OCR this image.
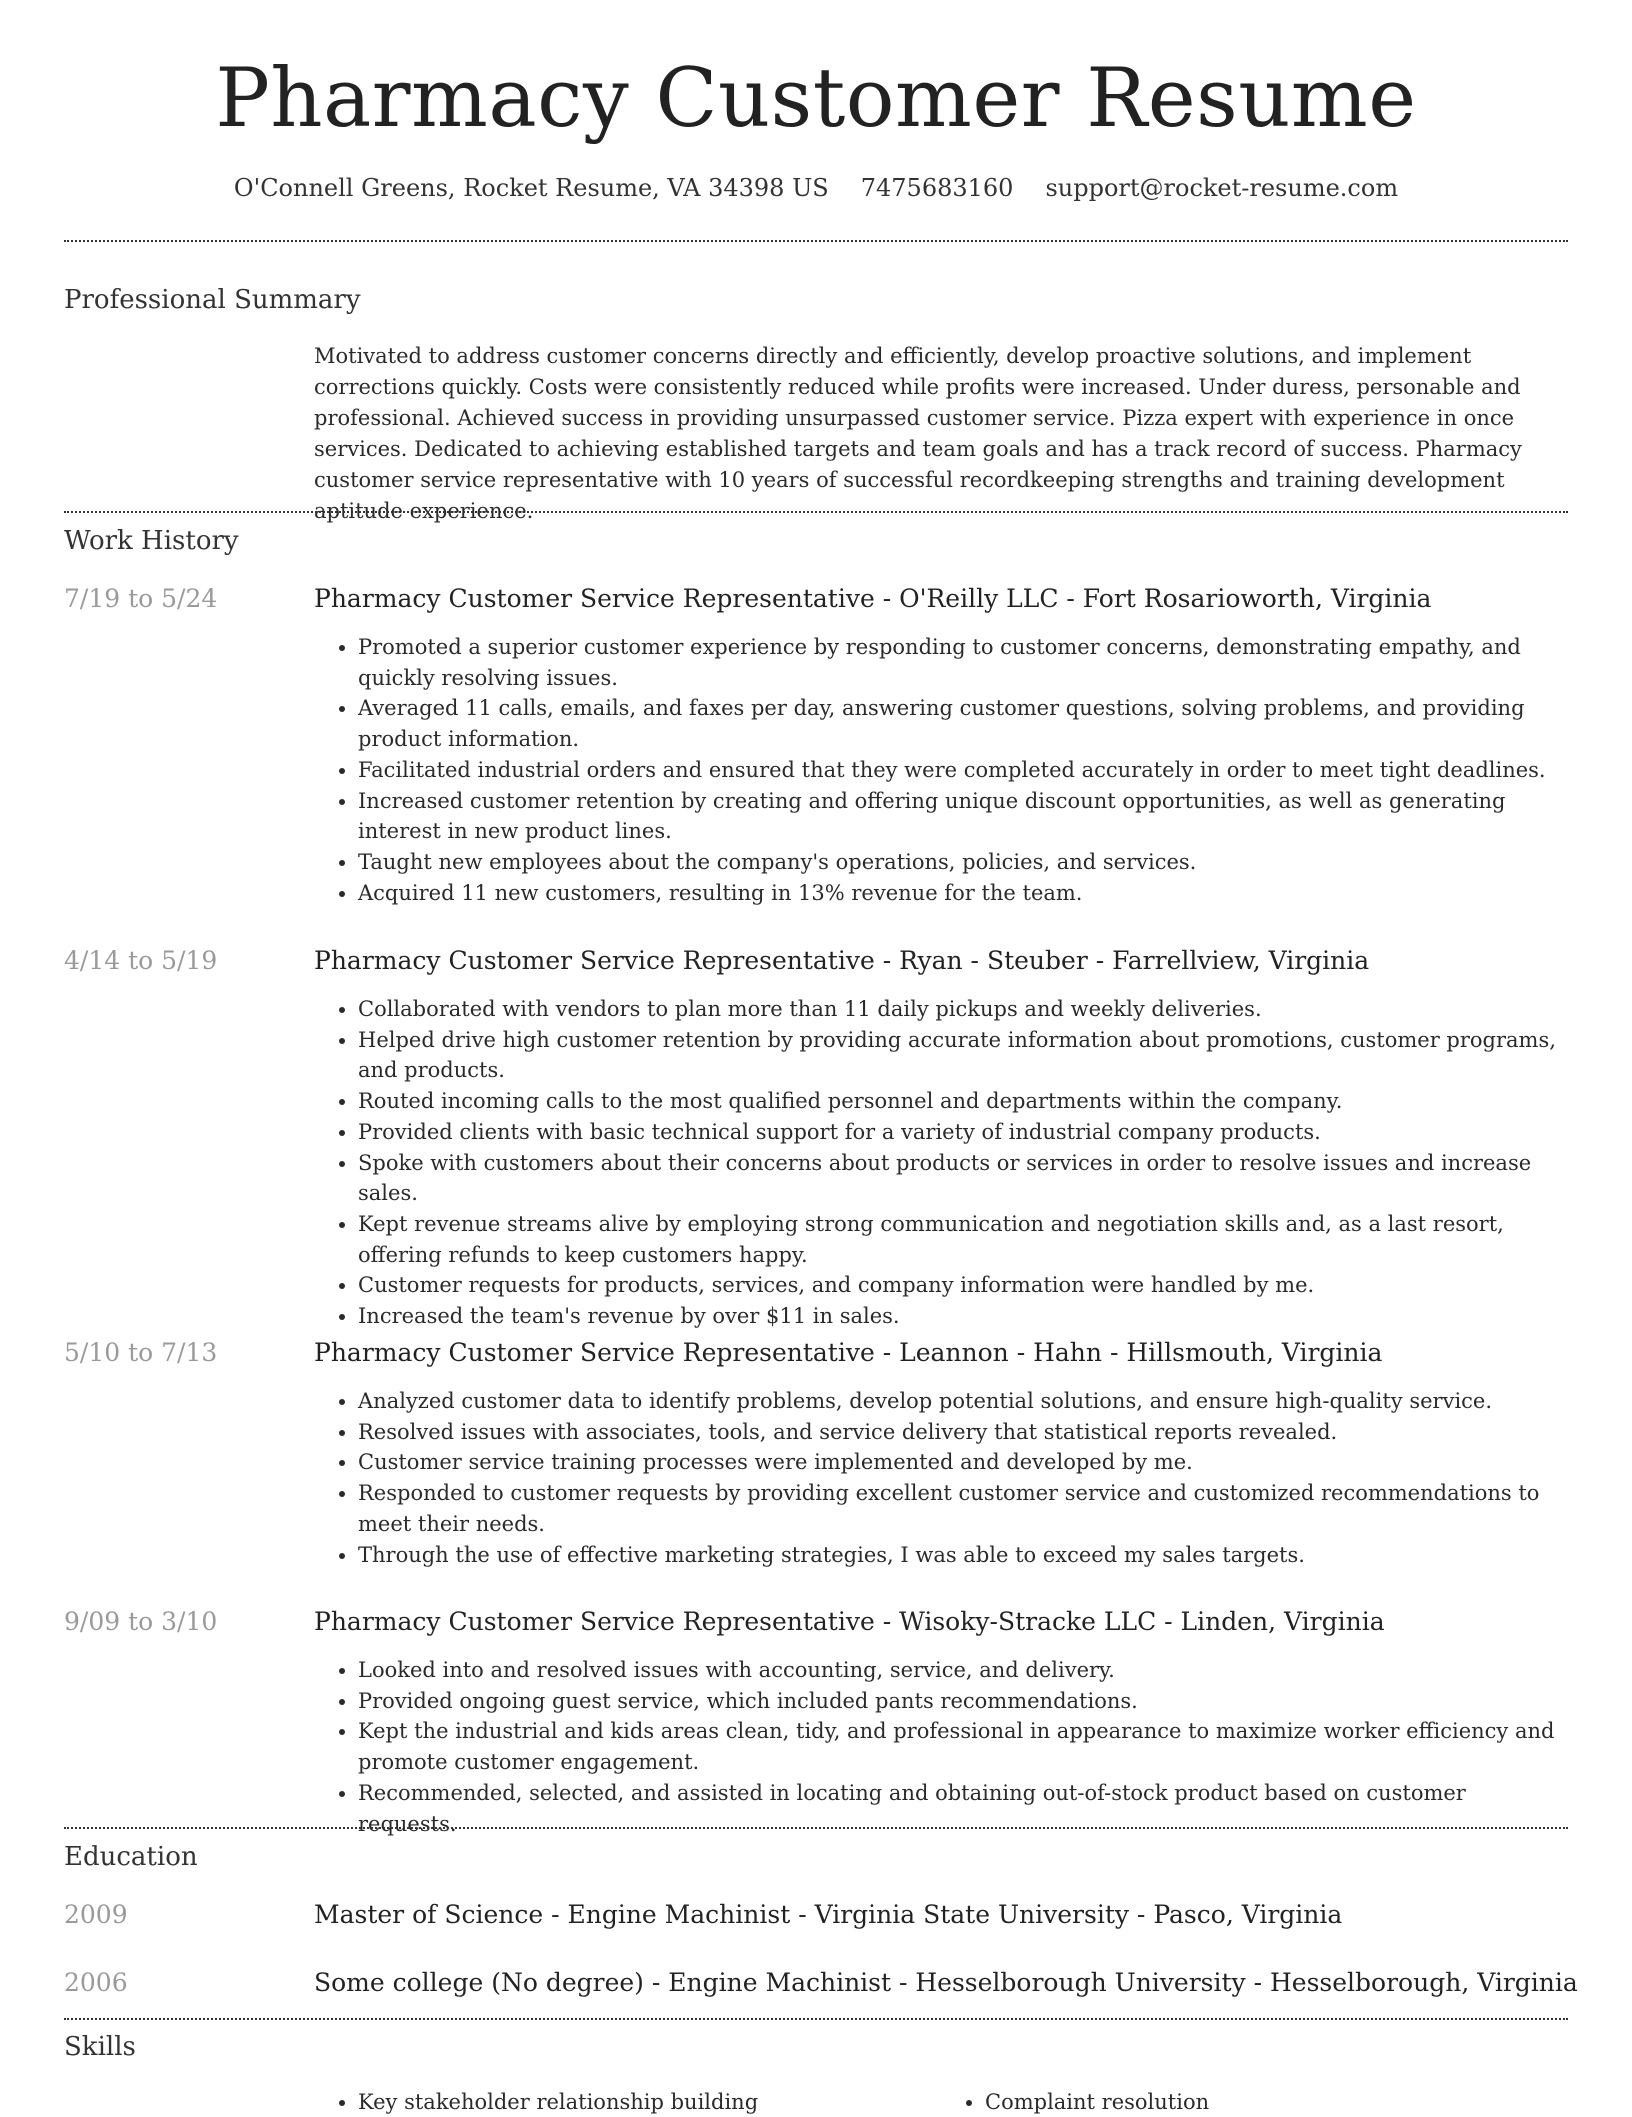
Pharmacy Customer Resume
O'Connell Greens, Rocket Resume, VA 34398 US 7475683160 support@rocket-resume.com
Professional Summary
Motivated to address customer concerns directly and efficiently, develop proactive solutions, and implement corrections quickly. Costs were consistently reduced while profits were increased. Under duress, personable and professional. Achieved success in providing unsurpassed customer service. Pizza expert with experience in once services. Dedicated to achieving established targets and team goals and has a track record of success. Pharmacy customer service representative with 10 years of successful recordkeeping strengths and training development aptitude experience.
Work History
7/19 to 5/24	Pharmacy Customer Service Representative - O'Reilly LLC - Fort Rosarioworth, Virginia
• Promoted a superior customer experience by responding to customer concerns, demonstrating empathy, and quickly resolving issues.
• Averaged 11 calls, emails, and faxes per day, answering customer questions, solving problems, and providing product information.
• Facilitated industrial orders and ensured that they were completed accurately in order to meet tight deadlines.
• Increased customer retention by creating and offering unique discount opportunities, as well as generating interest in new product lines.
• Taught new employees about the company's operations, policies, and services.
• Acquired 11 new customers, resulting in 13% revenue for the team.
4/14 to 5/19	Pharmacy Customer Service Representative - Ryan - Steuber - Farrellview, Virginia
• Collaborated with vendors to plan more than 11 daily pickups and weekly deliveries.
• Helped drive high customer retention by providing accurate information about promotions, customer programs, and products.
• Routed incoming calls to the most qualified personnel and departments within the company.
• Provided clients with basic technical support for a variety of industrial company products.
• Spoke with customers about their concerns about products or services in order to resolve issues and increase sales.
• Kept revenue streams alive by employing strong communication and negotiation skills and, as a last resort, offering refunds to keep customers happy.
• Customer requests for products, services, and company information were handled by me.
• Increased the team's revenue by over $11 in sales.
5/10 to 7/13	Pharmacy Customer Service Representative - Leannon - Hahn - Hillsmouth, Virginia
• Analyzed customer data to identify problems, develop potential solutions, and ensure high-quality service.
• Resolved issues with associates, tools, and service delivery that statistical reports revealed.
• Customer service training processes were implemented and developed by me.
• Responded to customer requests by providing excellent customer service and customized recommendations to meet their needs.
• Through the use of effective marketing strategies, I was able to exceed my sales targets.
9/09 to 3/10	Pharmacy Customer Service Representative - Wisoky-Stracke LLC - Linden, Virginia
• Looked into and resolved issues with accounting, service, and delivery.
• Provided ongoing guest service, which included pants recommendations.
• Kept the industrial and kids areas clean, tidy, and professional in appearance to maximize worker efficiency and promote customer engagement.
• Recommended, selected, and assisted in locating and obtaining out-of-stock product based on customer requests.
Education
2009	Master of Science - Engine Machinist - Virginia State University - Pasco, Virginia
2006	Some college (No degree) - Engine Machinist - Hesselborough University - Hesselborough, Virginia
Skills
• Key stakeholder relationship building
•	Complaint resolution
